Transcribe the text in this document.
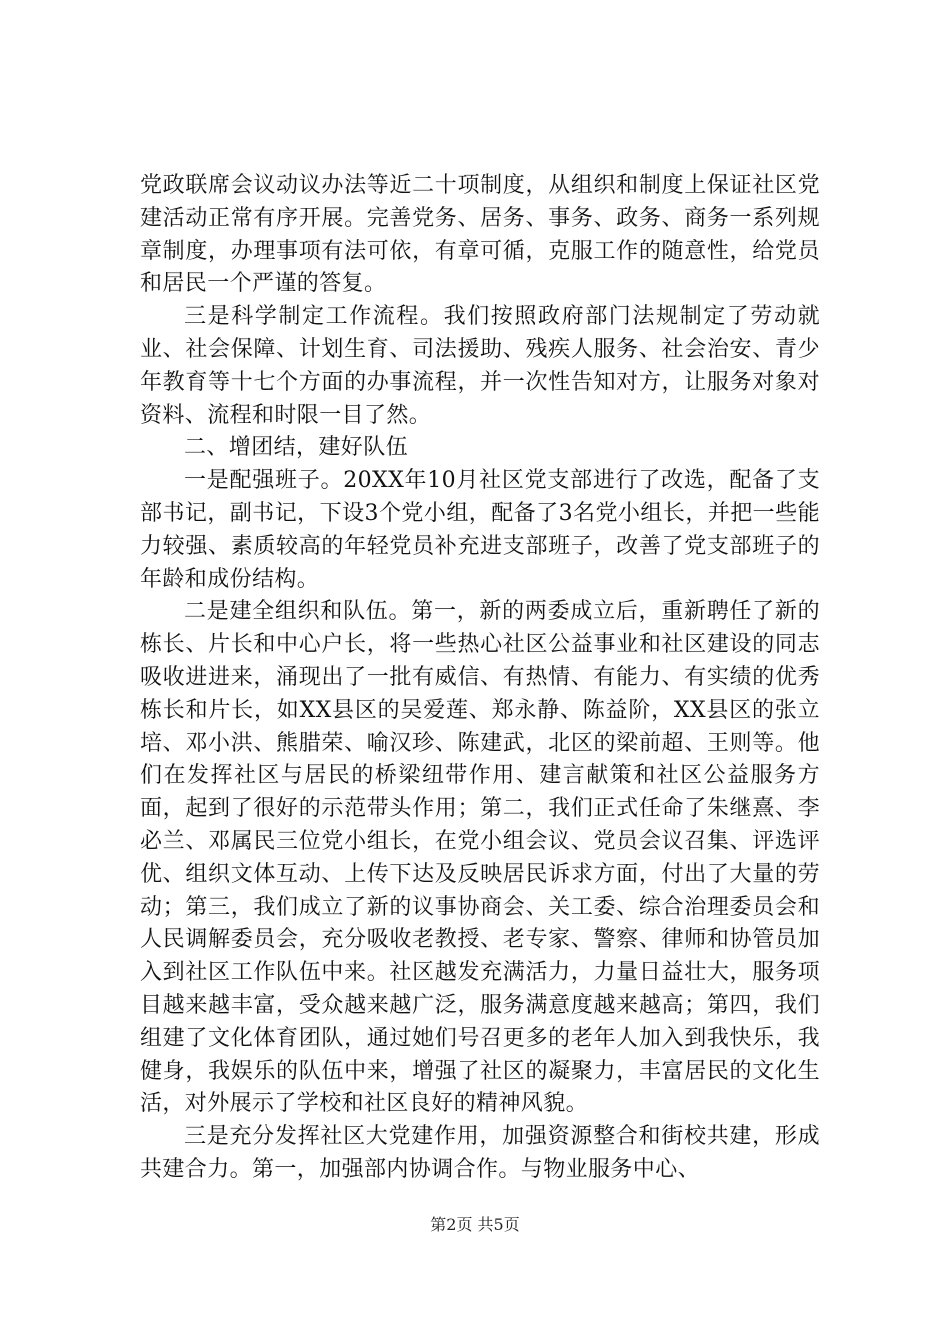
党政联席会议动议办法等近二十项制度，从组织和制度上保证社区党建活动正常有序开展。完善党务、居务、事务、政务、商务一系列规章制度，办理事项有法可依，有章可循，克服工作的随意性，给党员和居民一个严谨的答复。

三是科学制定工作流程。我们按照政府部门法规制定了劳动就业、社会保障、计划生育、司法援助、残疾人服务、社会治安、青少年教育等十七个方面的办事流程，并一次性告知对方，让服务对象对资料、流程和时限一目了然。

二、增团结，建好队伍

一是配强班子。20XX年10月社区党支部进行了改选，配备了支部书记，副书记，下设3个党小组，配备了3名党小组长，并把一些能力较强、素质较高的年轻党员补充进支部班子，改善了党支部班子的年龄和成份结构。

二是建全组织和队伍。第一，新的两委成立后，重新聘任了新的栋长、片长和中心户长，将一些热心社区公益事业和社区建设的同志吸收进进来，涌现出了一批有威信、有热情、有能力、有实绩的优秀栋长和片长，如XX县区的吴爱莲、郑永静、陈益阶，XX县区的张立培、邓小洪、熊腊荣、喻汉珍、陈建武，北区的梁前超、王则等。他们在发挥社区与居民的桥梁纽带作用、建言献策和社区公益服务方面，起到了很好的示范带头作用；第二，我们正式任命了朱继熹、李必兰、邓属民三位党小组长，在党小组会议、党员会议召集、评选评优、组织文体互动、上传下达及反映居民诉求方面，付出了大量的劳动；第三，我们成立了新的议事协商会、关工委、综合治理委员会和人民调解委员会，充分吸收老教授、老专家、警察、律师和协管员加入到社区工作队伍中来。社区越发充满活力，力量日益壮大，服务项目越来越丰富，受众越来越广泛，服务满意度越来越高；第四，我们组建了文化体育团队，通过她们号召更多的老年人加入到我快乐，我健身，我娱乐的队伍中来，增强了社区的凝聚力，丰富居民的文化生活，对外展示了学校和社区良好的精神风貌。

三是充分发挥社区大党建作用，加强资源整合和街校共建，形成共建合力。第一，加强部内协调合作。与物业服务中心、

第2页 共5页
